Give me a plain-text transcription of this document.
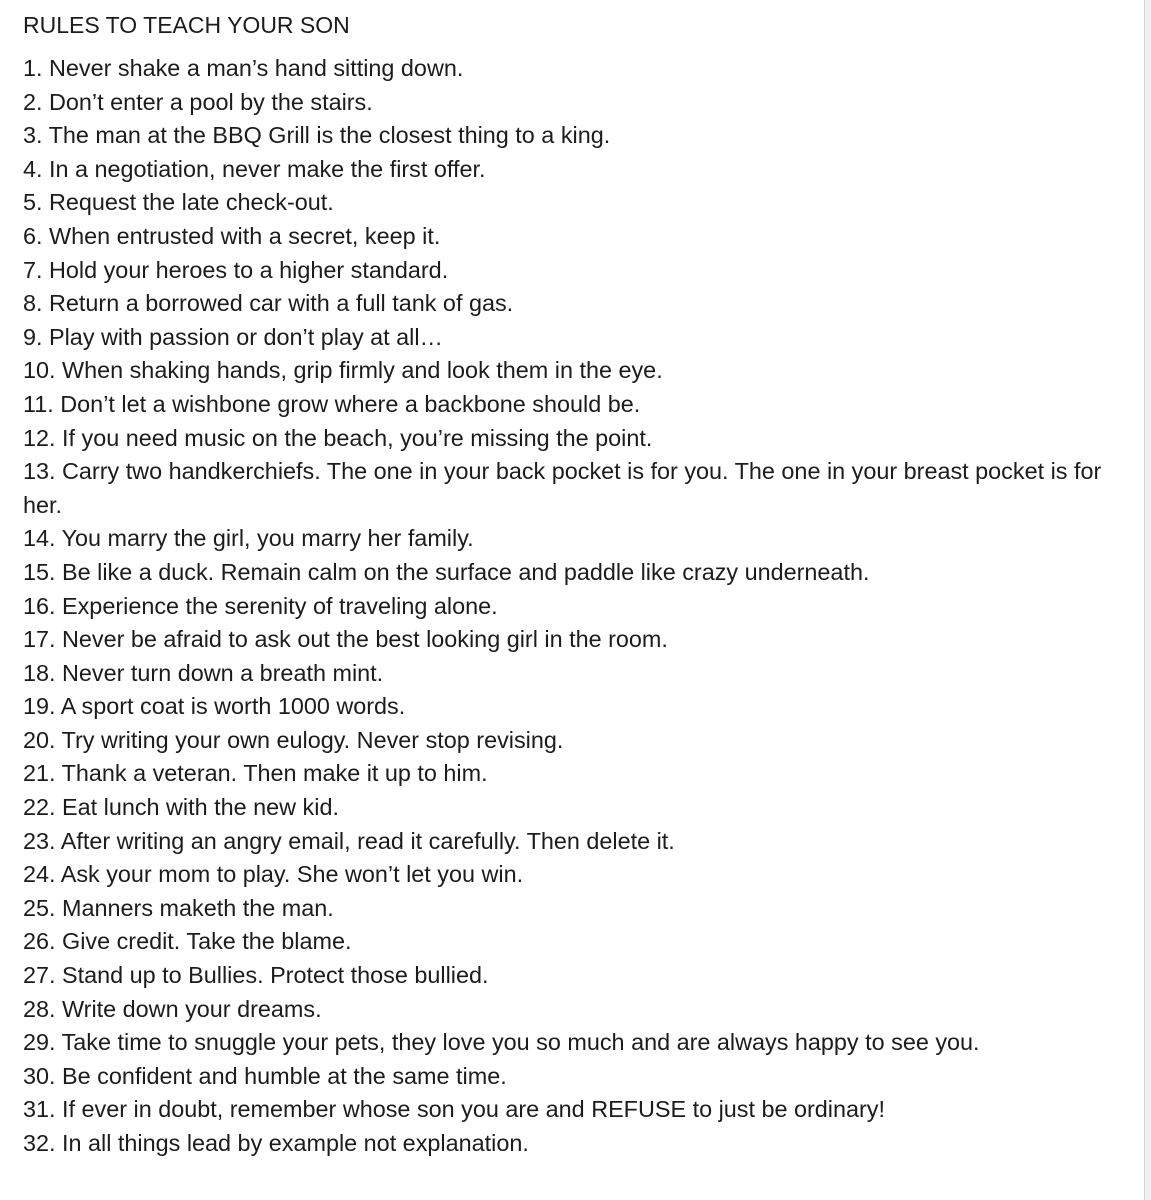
RULES TO TEACH YOUR SON
1. Never shake a man’s hand sitting down.
2. Don’t enter a pool by the stairs.
3. The man at the BBQ Grill is the closest thing to a king.
4. In a negotiation, never make the first offer.
5. Request the late check-out.
6. When entrusted with a secret, keep it.
7. Hold your heroes to a higher standard.
8. Return a borrowed car with a full tank of gas.
9. Play with passion or don’t play at all…
10. When shaking hands, grip firmly and look them in the eye.
11. Don’t let a wishbone grow where a backbone should be.
12. If you need music on the beach, you’re missing the point.
13. Carry two handkerchiefs. The one in your back pocket is for you. The one in your breast pocket is for her.
14. You marry the girl, you marry her family.
15. Be like a duck. Remain calm on the surface and paddle like crazy underneath.
16. Experience the serenity of traveling alone.
17. Never be afraid to ask out the best looking girl in the room.
18. Never turn down a breath mint.
19. A sport coat is worth 1000 words.
20. Try writing your own eulogy. Never stop revising.
21. Thank a veteran. Then make it up to him.
22. Eat lunch with the new kid.
23. After writing an angry email, read it carefully. Then delete it.
24. Ask your mom to play. She won’t let you win.
25. Manners maketh the man.
26. Give credit. Take the blame.
27. Stand up to Bullies. Protect those bullied.
28. Write down your dreams.
29. Take time to snuggle your pets, they love you so much and are always happy to see you.
30. Be confident and humble at the same time.
31. If ever in doubt, remember whose son you are and REFUSE to just be ordinary!
32. In all things lead by example not explanation.
